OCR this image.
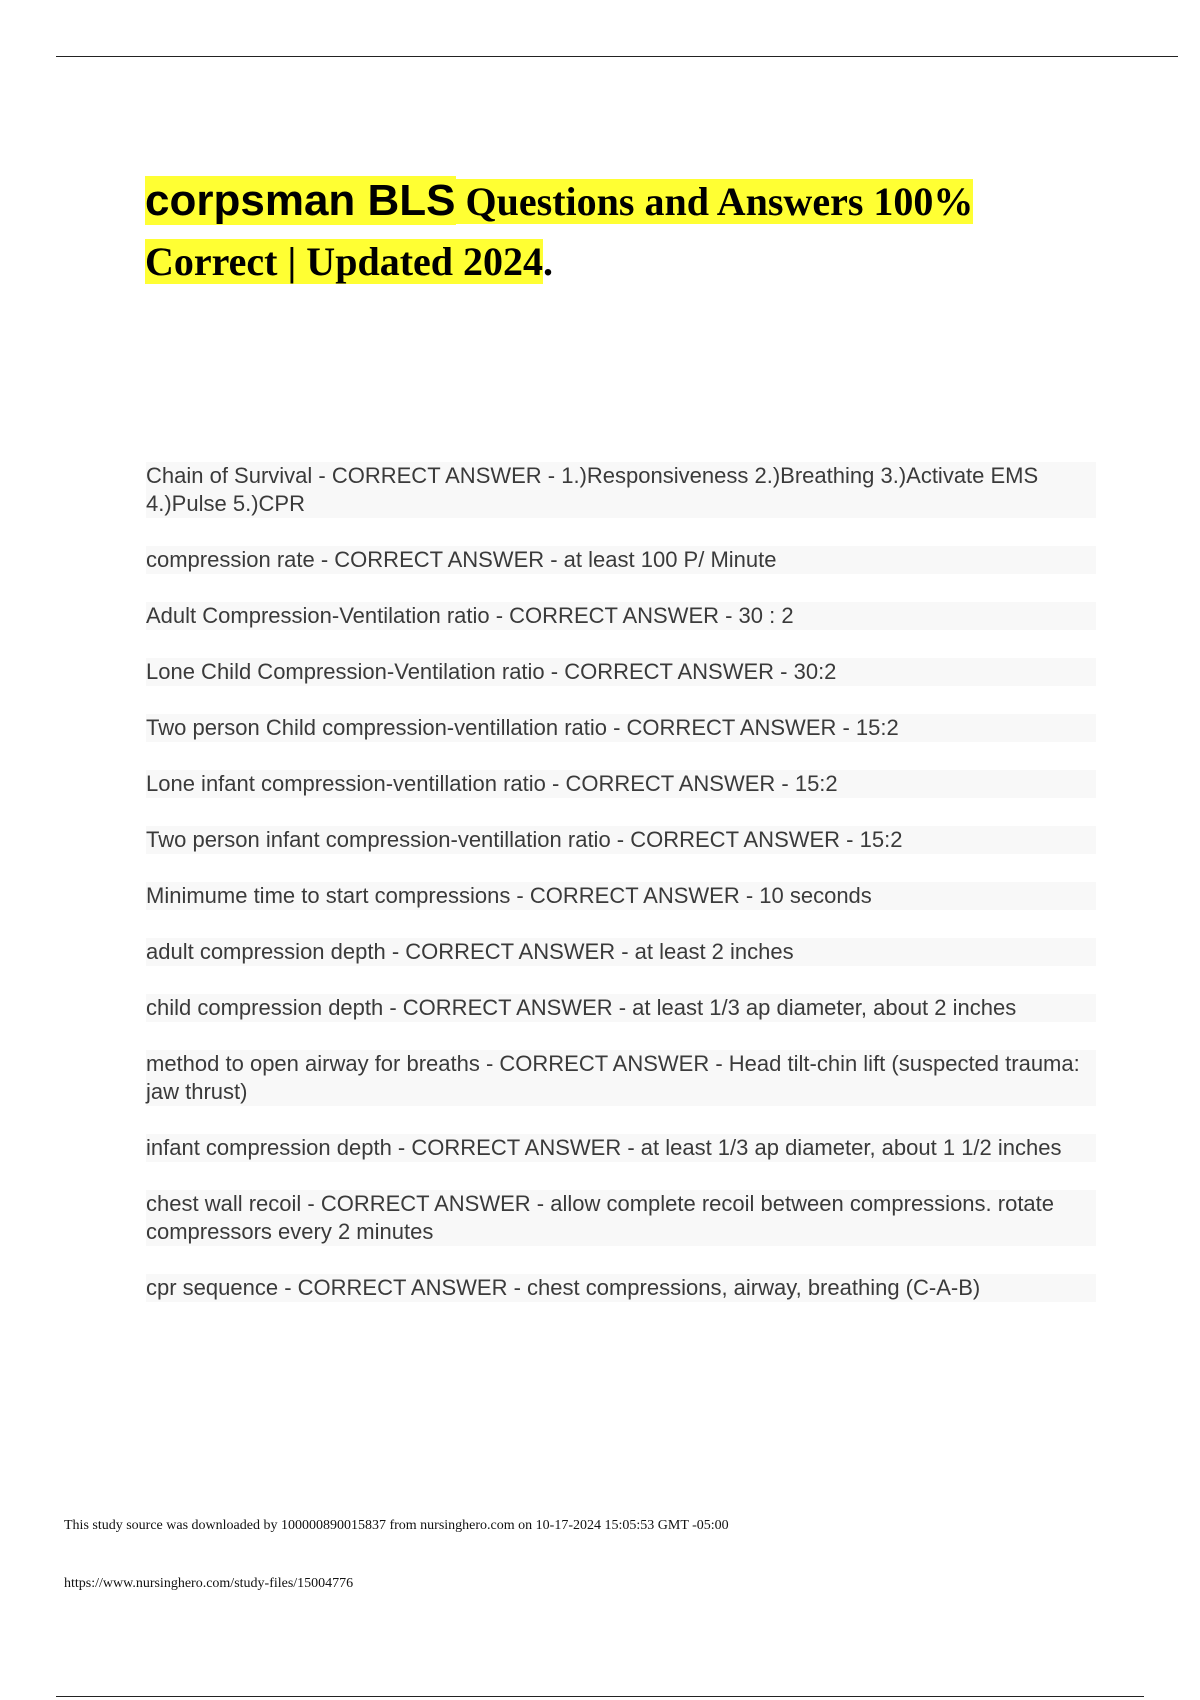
corpsman BLS Questions and Answers 100%
Correct | Updated 2024.
Chain of Survival - CORRECT ANSWER - 1.)Responsiveness 2.)Breathing 3.)Activate EMS 4.)Pulse 5.)CPR
compression rate - CORRECT ANSWER - at least 100 P/ Minute
Adult Compression-Ventilation ratio - CORRECT ANSWER - 30 : 2
Lone Child Compression-Ventilation ratio - CORRECT ANSWER - 30:2
Two person Child compression-ventillation ratio - CORRECT ANSWER - 15:2
Lone infant compression-ventillation ratio - CORRECT ANSWER - 15:2
Two person infant compression-ventillation ratio - CORRECT ANSWER - 15:2
Minimume time to start compressions - CORRECT ANSWER - 10 seconds
adult compression depth - CORRECT ANSWER - at least 2 inches
child compression depth - CORRECT ANSWER - at least 1/3 ap diameter, about 2 inches
method to open airway for breaths - CORRECT ANSWER - Head tilt-chin lift (suspected trauma: jaw thrust)
infant compression depth - CORRECT ANSWER - at least 1/3 ap diameter, about 1 1/2 inches
chest wall recoil - CORRECT ANSWER - allow complete recoil between compressions. rotate compressors every 2 minutes
cpr sequence - CORRECT ANSWER - chest compressions, airway, breathing (C-A-B)
This study source was downloaded by 100000890015837 from nursinghero.com on 10-17-2024 15:05:53 GMT -05:00
https://www.nursinghero.com/study-files/15004776
